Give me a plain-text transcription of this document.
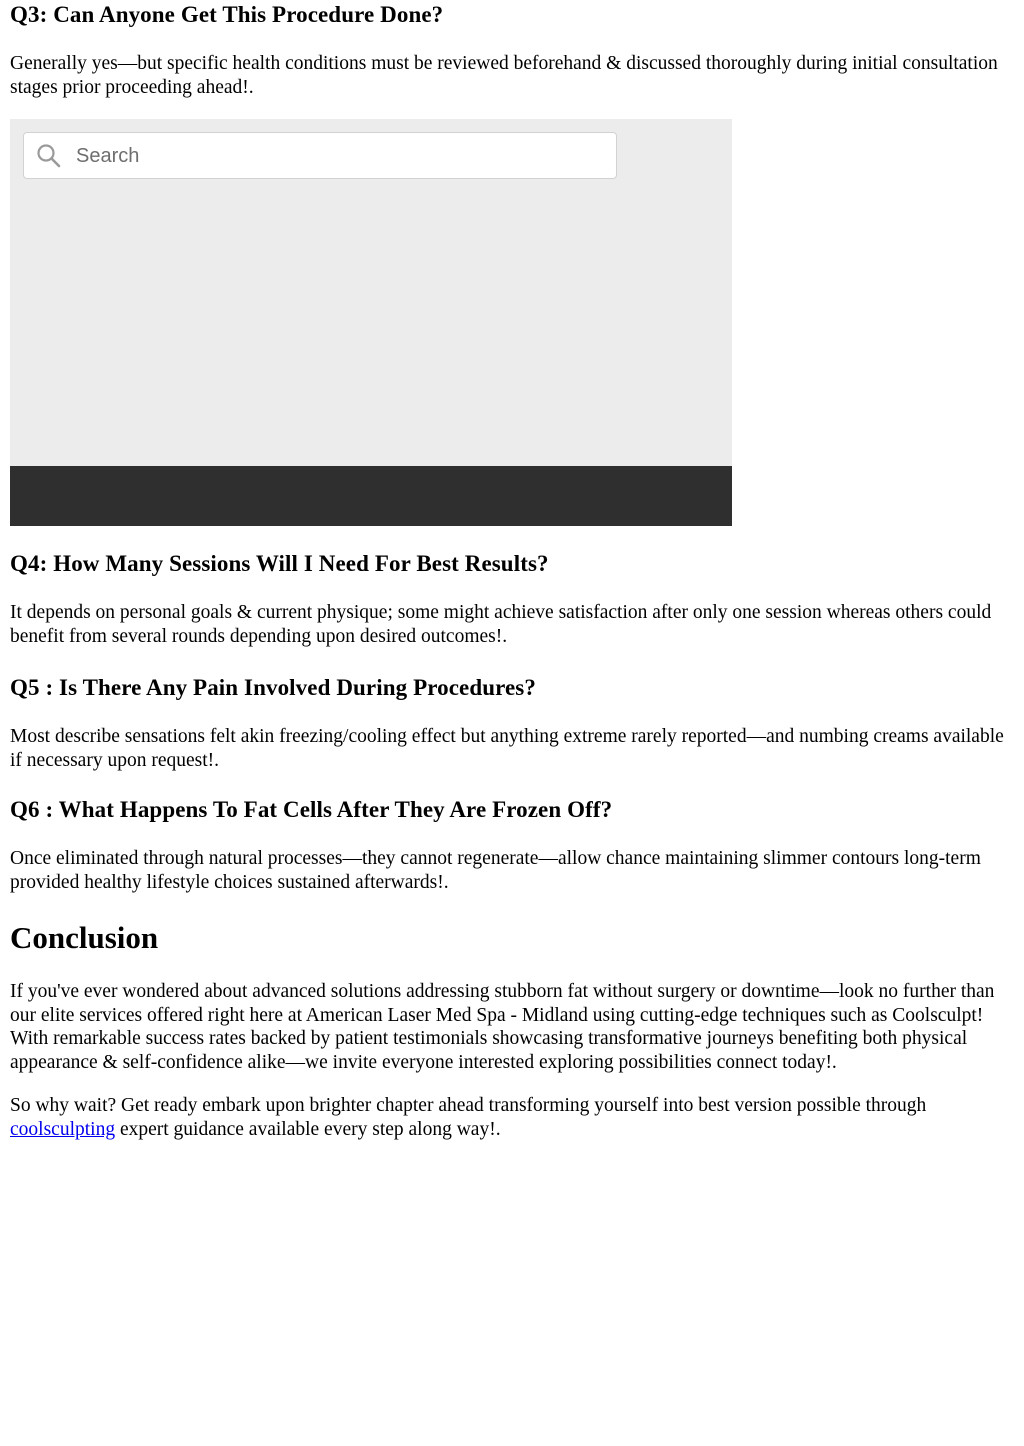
Q3: Can Anyone Get This Procedure Done?

Generally yes—but specific health conditions must be reviewed beforehand & discussed thoroughly during initial consultation stages prior proceeding ahead!.

Search
Q4: How Many Sessions Will I Need For Best Results?

It depends on personal goals & current physique; some might achieve satisfaction after only one session whereas others could benefit from several rounds depending upon desired outcomes!.

Q5 : Is There Any Pain Involved During Procedures?

Most describe sensations felt akin freezing/cooling effect but anything extreme rarely reported—and numbing creams available if necessary upon request!.

Q6 : What Happens To Fat Cells After They Are Frozen Off?

Once eliminated through natural processes—they cannot regenerate—allow chance maintaining slimmer contours long-term provided healthy lifestyle choices sustained afterwards!.

Conclusion

If you've ever wondered about advanced solutions addressing stubborn fat without surgery or downtime—look no further than our elite services offered right here at American Laser Med Spa - Midland using cutting-edge techniques such as Coolsculpt! With remarkable success rates backed by patient testimonials showcasing transformative journeys benefiting both physical appearance & self-confidence alike—we invite everyone interested exploring possibilities connect today!.

So why wait? Get ready embark upon brighter chapter ahead transforming yourself into best version possible through coolsculpting expert guidance available every step along way!.
